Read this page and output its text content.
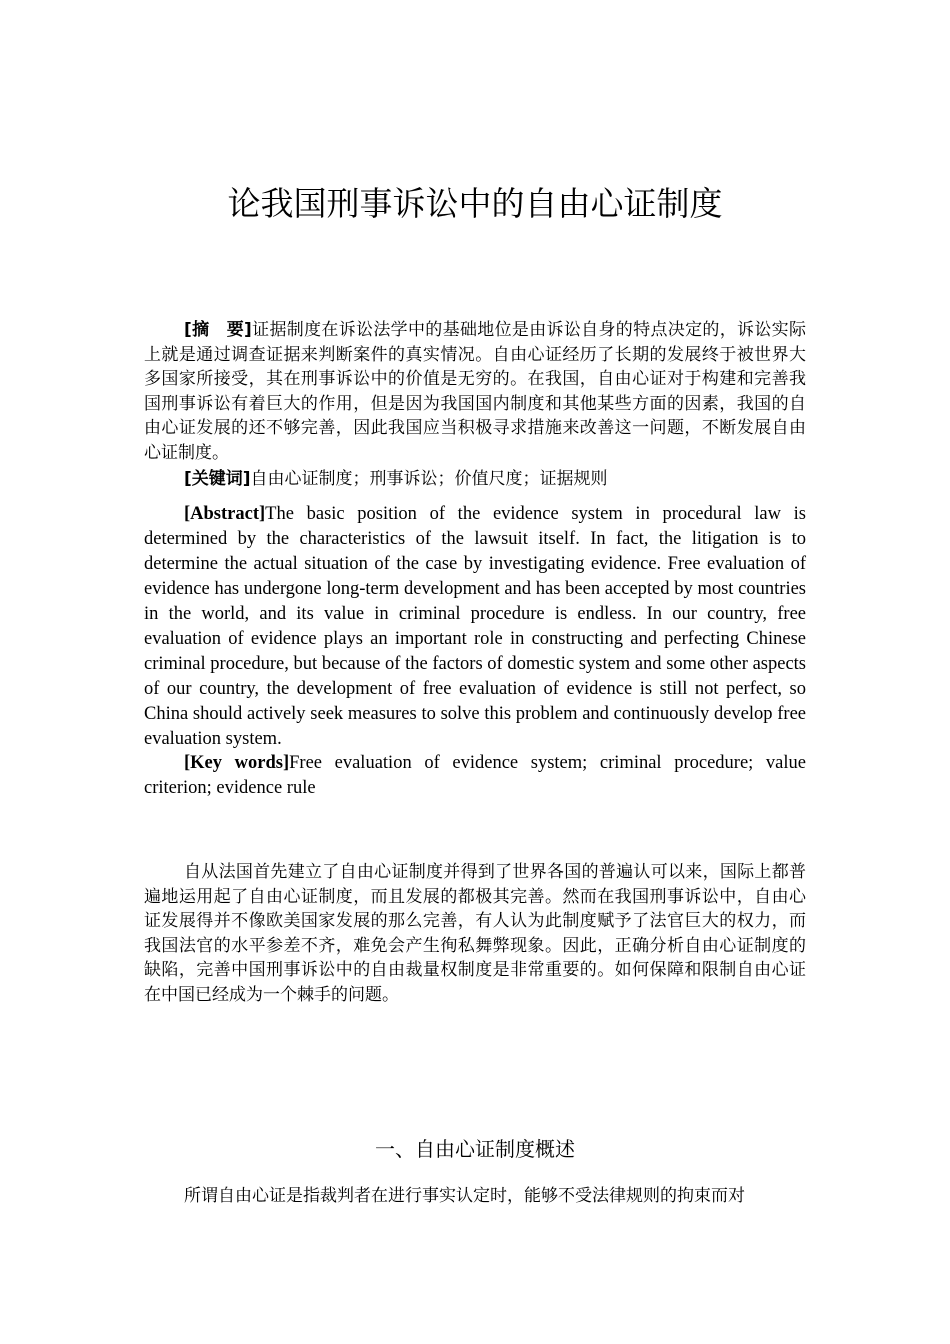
论我国刑事诉讼中的自由心证制度

[摘　要]证据制度在诉讼法学中的基础地位是由诉讼自身的特点决定的，诉讼实际上就是通过调查证据来判断案件的真实情况。自由心证经历了长期的发展终于被世界大多国家所接受，其在刑事诉讼中的价值是无穷的。在我国，自由心证对于构建和完善我国刑事诉讼有着巨大的作用，但是因为我国国内制度和其他某些方面的因素，我国的自由心证发展的还不够完善，因此我国应当积极寻求措施来改善这一问题，不断发展自由心证制度。

[关键词]自由心证制度；刑事诉讼；价值尺度；证据规则

[Abstract]The basic position of the evidence system in procedural law is determined by the characteristics of the lawsuit itself. In fact, the litigation is to determine the actual situation of the case by investigating evidence. Free evaluation of evidence has undergone long-term development and has been accepted by most countries in the world, and its value in criminal procedure is endless. In our country, free evaluation of evidence plays an important role in constructing and perfecting Chinese criminal procedure, but because of the factors of domestic system and some other aspects of our country, the development of free evaluation of evidence is still not perfect, so China should actively seek measures to solve this problem and continuously develop free evaluation system.

[Key words]Free evaluation of evidence system; criminal procedure; value criterion; evidence rule

自从法国首先建立了自由心证制度并得到了世界各国的普遍认可以来，国际上都普遍地运用起了自由心证制度，而且发展的都极其完善。然而在我国刑事诉讼中，自由心证发展得并不像欧美国家发展的那么完善，有人认为此制度赋予了法官巨大的权力，而我国法官的水平参差不齐，难免会产生徇私舞弊现象。因此，正确分析自由心证制度的缺陷，完善中国刑事诉讼中的自由裁量权制度是非常重要的。如何保障和限制自由心证在中国已经成为一个棘手的问题。

一、自由心证制度概述

所谓自由心证是指裁判者在进行事实认定时，能够不受法律规则的拘束而对
